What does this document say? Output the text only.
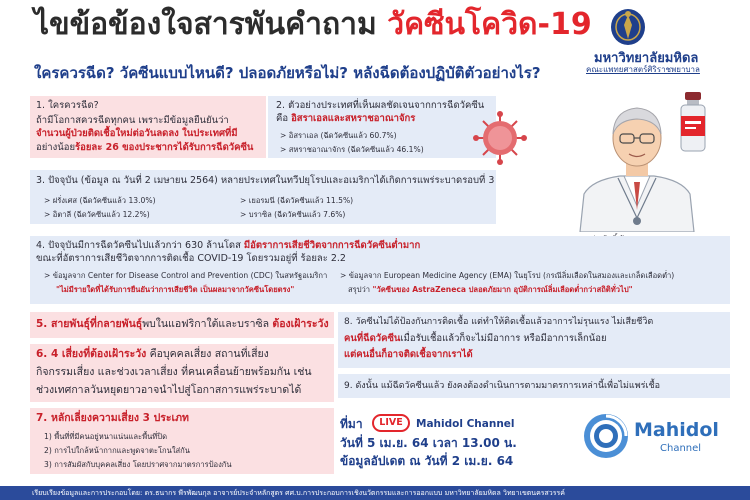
ไขข้อข้องใจสารพันคำถาม วัคซีนโควิด-19
ใครควรฉีด? วัคซีนแบบไหนดี? ปลอดภัยหรือไม่? หลังฉีดต้องปฏิบัติตัวอย่างไร?
มหาวิทยาลัยมหิดล
คณะแพทยศาสตร์ศิริราชพยาบาล
1. ใครควรฉีด?
ถ้ามีโอกาสควรฉีดทุกคน เพราะมีข้อมูลยืนยันว่า
จำนวนผู้ป่วยติดเชื้อใหม่ต่อวันลดลง ในประเทศที่มี
อย่างน้อยร้อยละ 26 ของประชากรได้รับการฉีดวัคซีน
2. ตัวอย่างประเทศที่เห็นผลชัดเจนจากการฉีดวัคซีน
คือ อิสราเอลและสหราชอาณาจักร
> อิสราเอล (ฉีดวัคซีนแล้ว 60.7%)
> สหราชอาณาจักร (ฉีดวัคซีนแล้ว 46.1%)
3. ปัจจุบัน (ข้อมูล ณ วันที่ 2 เมษายน 2564) หลายประเทศในทวีปยุโรปและอเมริกาได้เกิดการแพร่ระบาดรอบที่ 3
> ฝรั่งเศส (ฉีดวัคซีนแล้ว 13.0%)
> อิตาลี (ฉีดวัคซีนแล้ว 12.2%)
> เยอรมนี (ฉีดวัคซีนแล้ว 11.5%)
> บราซิล (ฉีดวัคซีนแล้ว 7.6%)
4. ปัจจุบันมีการฉีดวัคซีนไปแล้วกว่า 630 ล้านโดส มีอัตราการเสียชีวิตจากการฉีดวัคซีนต่ำมาก
ขณะที่อัตราการเสียชีวิตจากการติดเชื้อ COVID-19 โดยรวมอยู่ที่ ร้อยละ 2.2
> ข้อมูลจาก Center for Disease Control and Prevention (CDC) ในสหรัฐอเมริกา
"ไม่มีรายใดที่ได้รับการยืนยันว่าการเสียชีวิต เป็นผลมาจากวัคซีนโดยตรง"
> ข้อมูลจาก European Medicine Agency (EMA) ในยุโรป (กรณีลิ่มเลือดในสมองและเกล็ดเลือดต่ำ)
สรุปว่า "วัคซีนของ AstraZeneca ปลอดภัยมาก อุบัติการณ์ลิ่มเลือดต่ำกว่าสถิติทั่วไป"
5. สายพันธุ์ที่กลายพันธุ์พบในแอฟริกาใต้และบราซิล ต้องเฝ้าระวัง
6. 4 เสี่ยงที่ต้องเฝ้าระวัง คือบุคคลเสี่ยง สถานที่เสี่ยง
กิจกรรมเสี่ยง และช่วงเวลาเสี่ยง ที่คนเคลื่อนย้ายพร้อมกัน เช่น
ช่วงเทศกาลวันหยุดยาวอาจนำไปสู่โอกาสการแพร่ระบาดได้
7. หลักเลี่ยงความเสี่ยง 3 ประเภท
1) พื้นที่ที่มีคนอยู่หนาแน่นและพื้นที่ปิด
2) การไปใกล้หน้ากากและพูดจาตะโกนใส่กัน
3) การสัมผัสกับบุคคลเสี่ยง โดยปราศจากมาตรการป้องกัน
8. วัคซีนไม่ได้ป้องกันการติดเชื้อ แต่ทำให้ติดเชื้อแล้วอาการไม่รุนแรง ไม่เสียชีวิต
คนที่ฉีดวัคซีนเมื่อรับเชื้อแล้วก็จะไม่มีอาการ หรือมีอาการเล็กน้อย
แต่คนอื่นก็อาจติดเชื้อจากเราได้
9. ดังนั้น แม้ฉีดวัคซีนแล้ว ยังคงต้องดำเนินการตามมาตรการเหล่านี้เพื่อไม่แพร่เชื้อ
ที่มา	LIVE	Mahidol Channel
วันที่ 5 เม.ย. 64 เวลา 13.00 น.
ข้อมูลอัปเดต ณ วันที่ 2 เม.ย. 64
Mahidol
Channel
เรียบเรียงข้อมูลและการประกอบโดย: ดร.ธนากร พีรพัฒนกุล อาจารย์ประจำหลักสูตร ศศ.บ.การประกอบการเชิงนวัตกรรมและการออกแบบ มหาวิทยาลัยมหิดล วิทยาเขตนครสวรรค์
